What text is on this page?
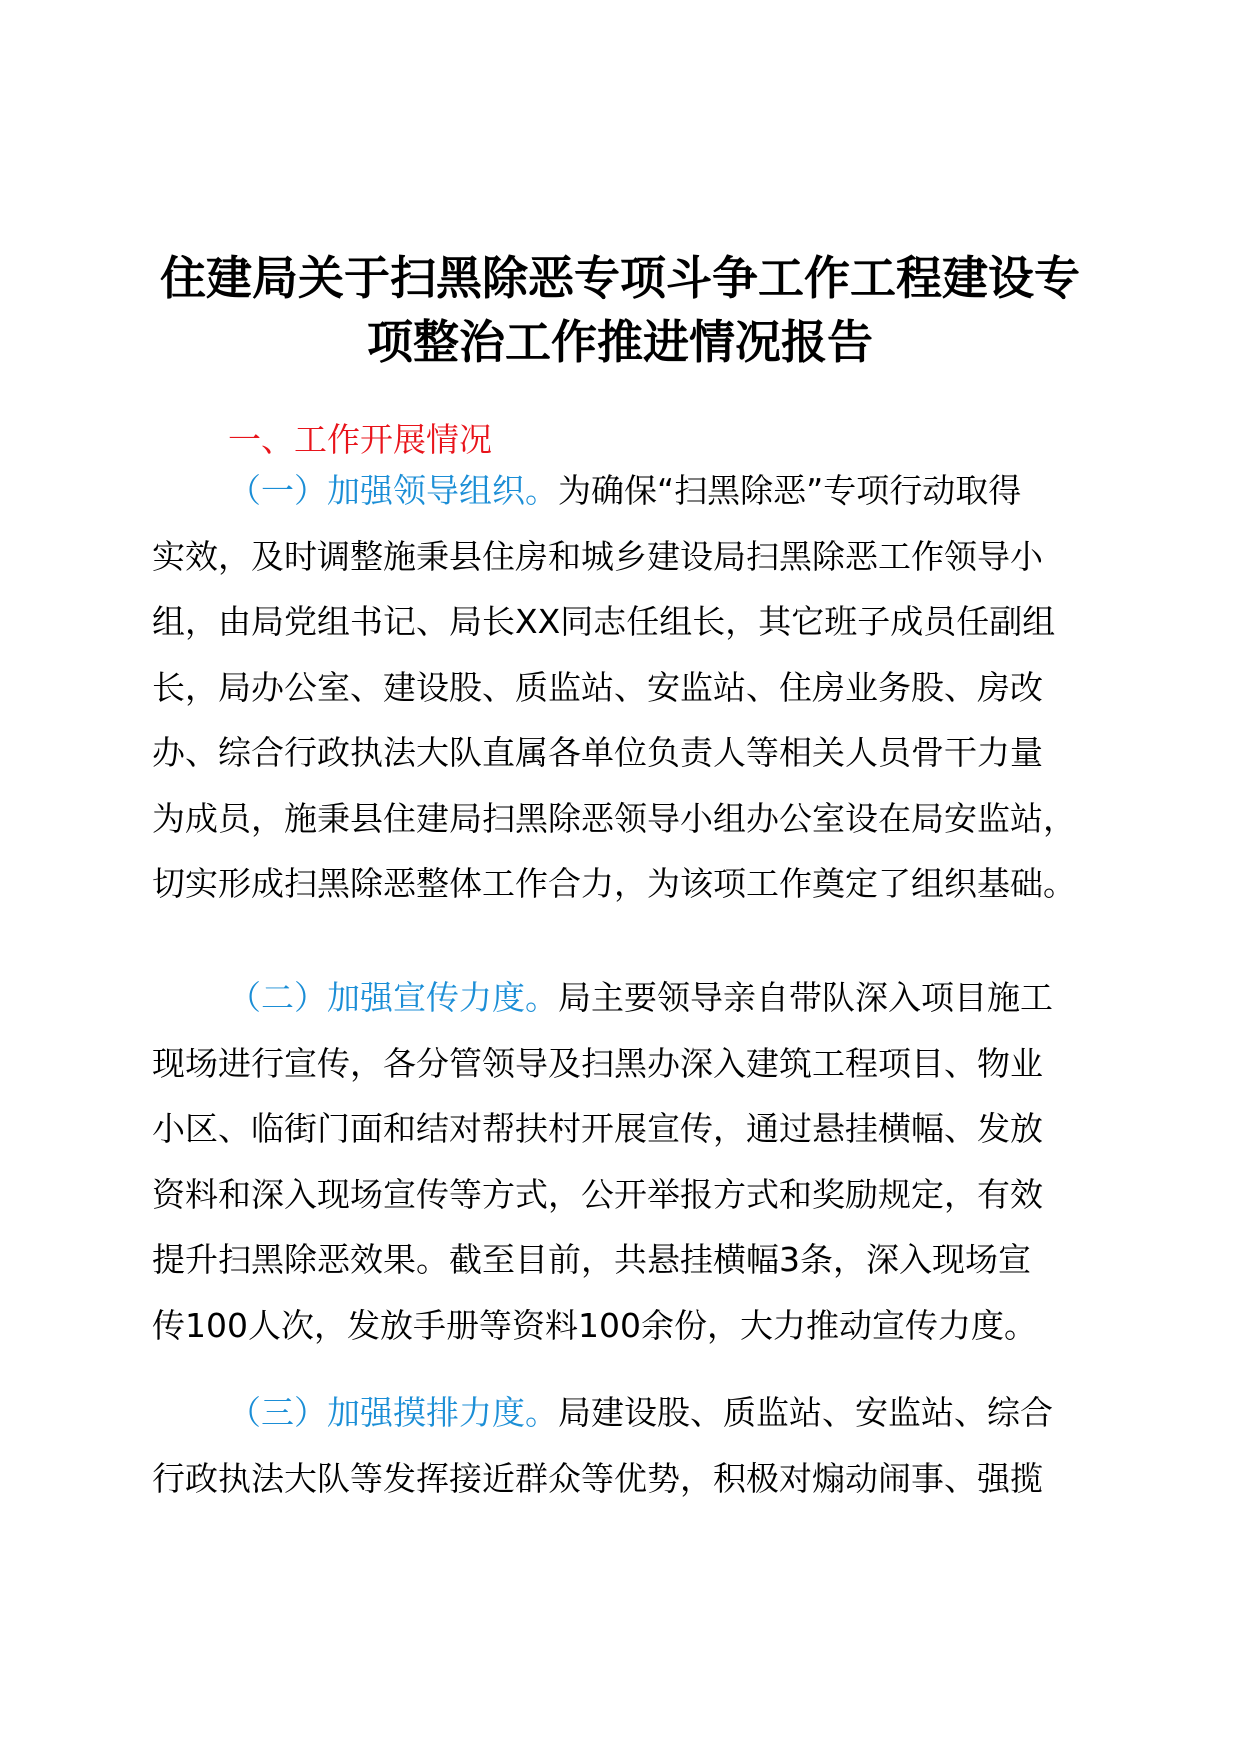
住建局关于扫黑除恶专项斗争工作工程建设专
项整治工作推进情况报告
一、工作开展情况
（一）加强领导组织。为确保“扫黑除恶”专项行动取得
实效，及时调整施秉县住房和城乡建设局扫黑除恶工作领导小
组，由局党组书记、局长XX同志任组长，其它班子成员任副组
长，局办公室、建设股、质监站、安监站、住房业务股、房改
办、综合行政执法大队直属各单位负责人等相关人员骨干力量
为成员，施秉县住建局扫黑除恶领导小组办公室设在局安监站，
切实形成扫黑除恶整体工作合力，为该项工作奠定了组织基础。
（二）加强宣传力度。局主要领导亲自带队深入项目施工
现场进行宣传，各分管领导及扫黑办深入建筑工程项目、物业
小区、临街门面和结对帮扶村开展宣传，通过悬挂横幅、发放
资料和深入现场宣传等方式，公开举报方式和奖励规定，有效
提升扫黑除恶效果。截至目前，共悬挂横幅3条，深入现场宣
传100人次，发放手册等资料100余份，大力推动宣传力度。
（三）加强摸排力度。局建设股、质监站、安监站、综合
行政执法大队等发挥接近群众等优势，积极对煽动闹事、强揽
